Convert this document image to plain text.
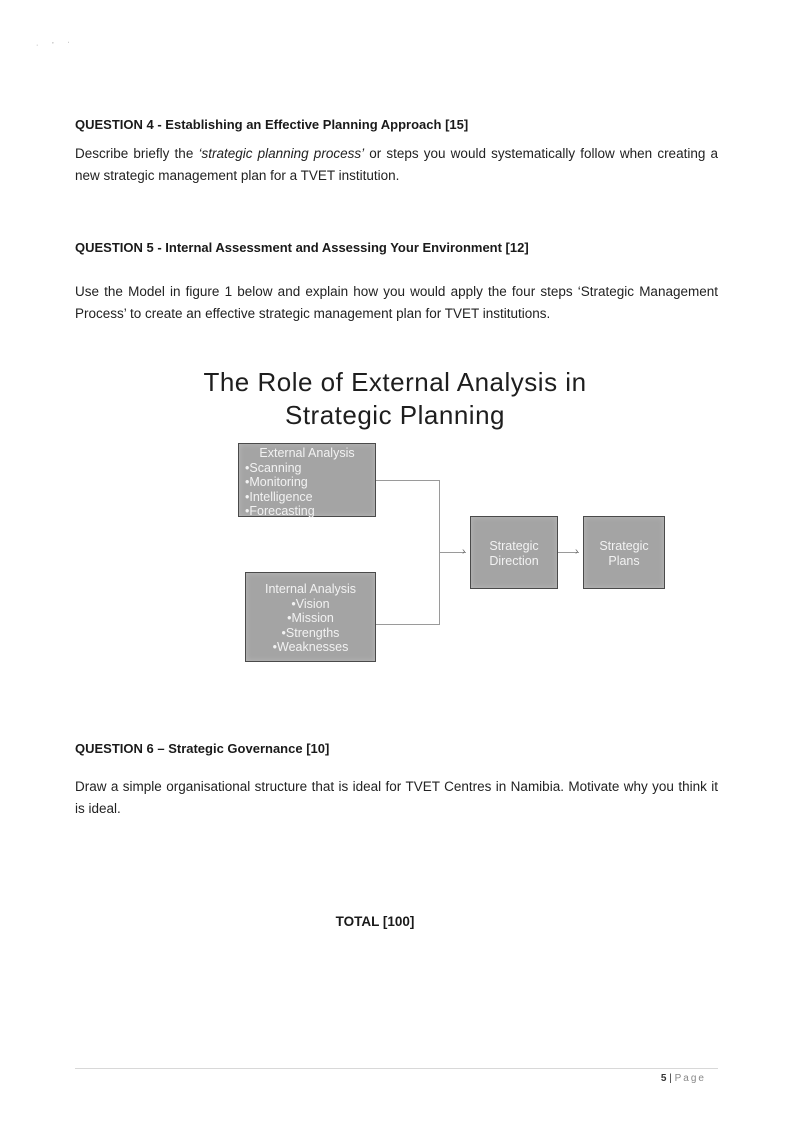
· ' ˈ
QUESTION 4 - Establishing an Effective Planning Approach [15]
Describe briefly the ‘strategic planning process’ or steps you would systematically follow when creating a new strategic management plan for a TVET institution.
QUESTION 5 - Internal Assessment and Assessing Your Environment [12]
Use the Model in figure 1 below and explain how you would apply the four steps ‘Strategic Management Process’ to create an effective strategic management plan for TVET institutions.
The Role of External Analysis in
Strategic Planning
External Analysis
•Scanning
•Monitoring
•Intelligence
•Forecasting
Internal Analysis
•Vision
•Mission
•Strengths
•Weaknesses
Strategic
Direction
Strategic
Plans
›	›
QUESTION 6 – Strategic Governance [10]
Draw a simple organisational structure that is ideal for TVET Centres in Namibia. Motivate why you think it is ideal.
TOTAL [100]
5 | Page
